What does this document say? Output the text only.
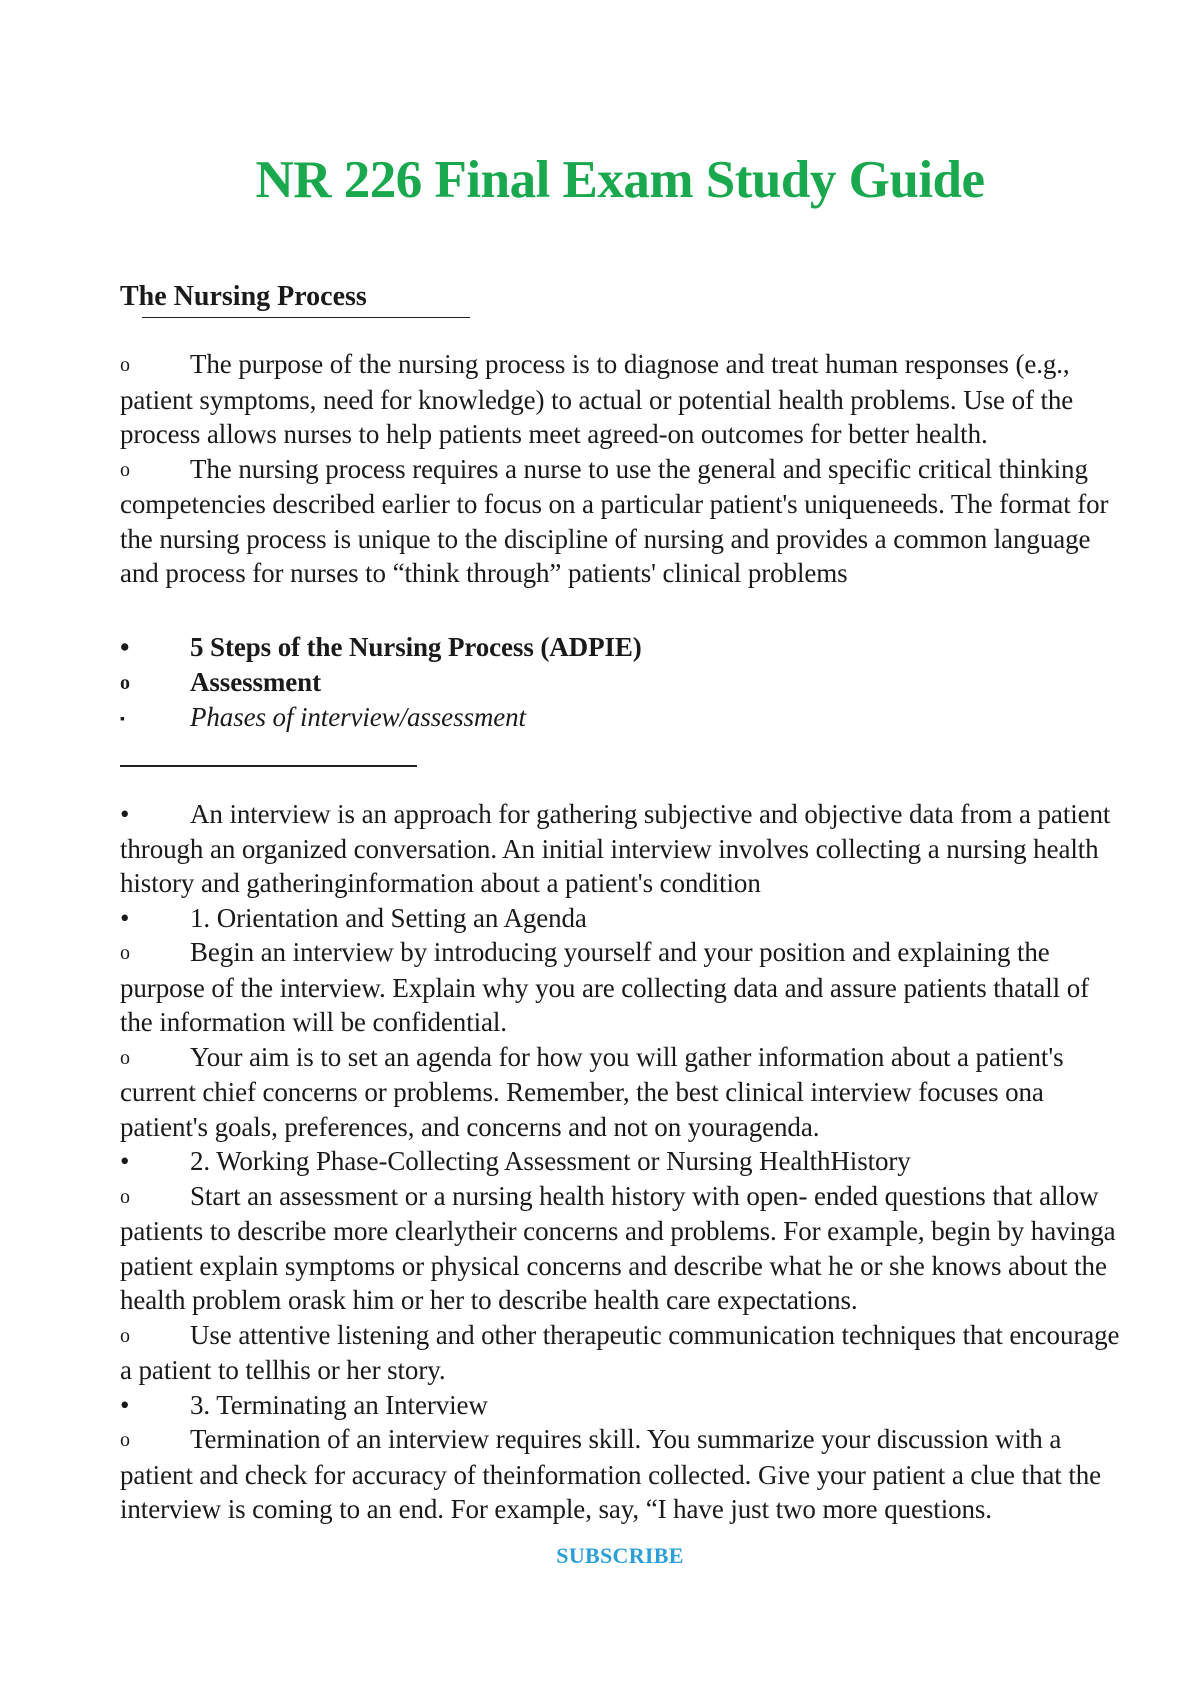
NR 226 Final Exam Study Guide
The Nursing Process

o The purpose of the nursing process is to diagnose and treat human responses (e.g., patient symptoms, need for knowledge) to actual or potential health problems. Use of the process allows nurses to help patients meet agreed-on outcomes for better health.

o The nursing process requires a nurse to use the general and specific critical thinking competencies described earlier to focus on a particular patient's uniqueneeds. The format for the nursing process is unique to the discipline of nursing and provides a common language and process for nurses to “think through” patients' clinical problems

• 5 Steps of the Nursing Process (ADPIE)

o Assessment

▪ Phases of interview/assessment

• An interview is an approach for gathering subjective and objective data from a patient through an organized conversation. An initial interview involves collecting a nursing health history and gatheringinformation about a patient's condition

• 1. Orientation and Setting an Agenda

o Begin an interview by introducing yourself and your position and explaining the purpose of the interview. Explain why you are collecting data and assure patients thatall of the information will be confidential.

o Your aim is to set an agenda for how you will gather information about a patient's current chief concerns or problems. Remember, the best clinical interview focuses ona patient's goals, preferences, and concerns and not on youragenda.

• 2. Working Phase-Collecting Assessment or Nursing HealthHistory

o Start an assessment or a nursing health history with open- ended questions that allow patients to describe more clearlytheir concerns and problems. For example, begin by havinga patient explain symptoms or physical concerns and describe what he or she knows about the health problem orask him or her to describe health care expectations.

o Use attentive listening and other therapeutic communication techniques that encourage a patient to tellhis or her story.

• 3. Terminating an Interview

o Termination of an interview requires skill. You summarize your discussion with a patient and check for accuracy of theinformation collected. Give your patient a clue that the interview is coming to an end. For example, say, “I have just two more questions.

SUBSCRIBE
